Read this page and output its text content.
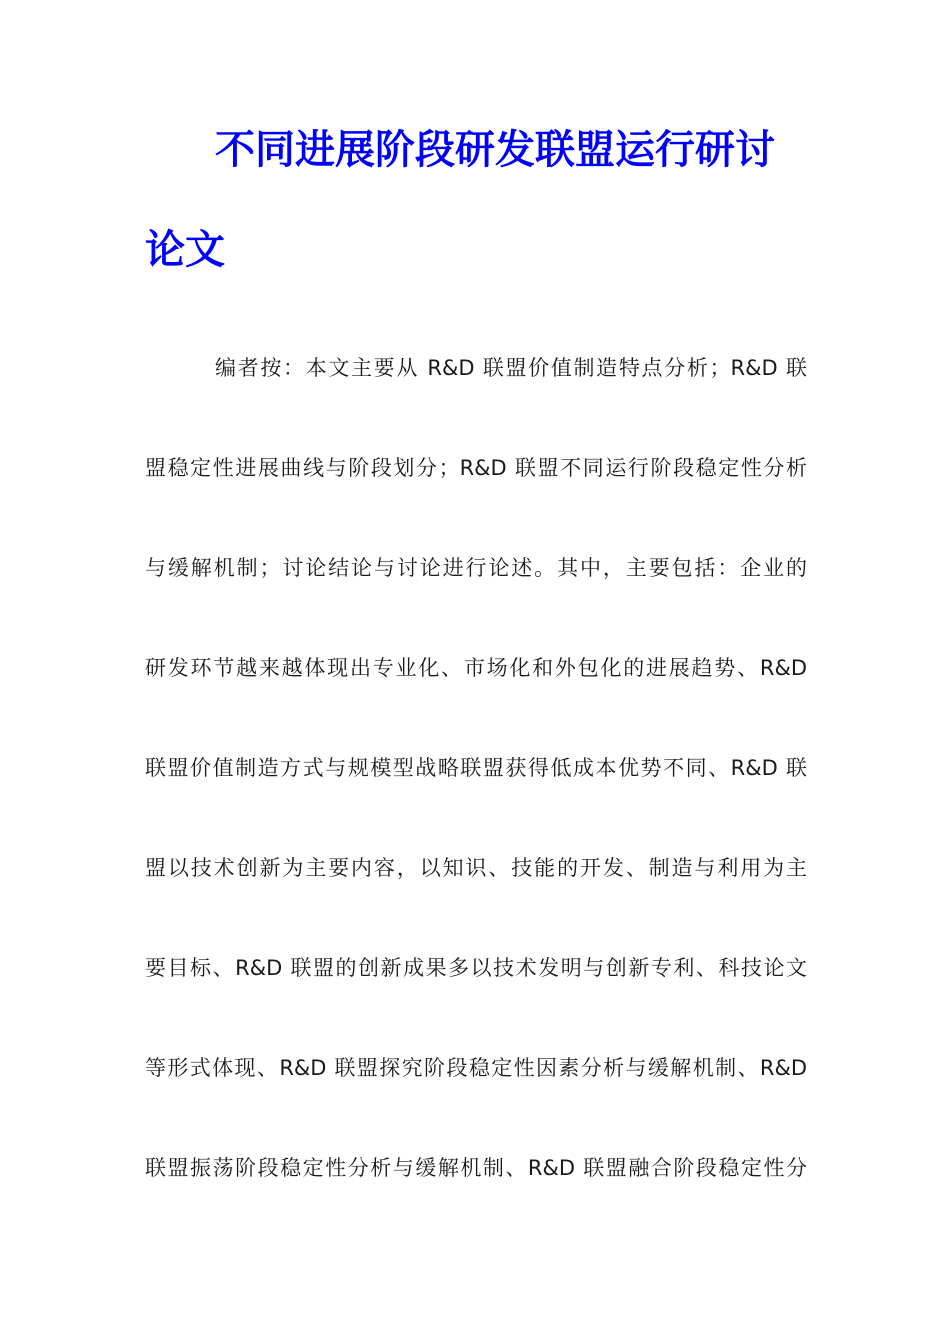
不同进展阶段研发联盟运行研讨
论文
编者按：本文主要从 R&D 联盟价值制造特点分析；R&D 联
盟稳定性进展曲线与阶段划分；R&D 联盟不同运行阶段稳定性分析
与缓解机制；讨论结论与讨论进行论述。其中，主要包括：企业的
研发环节越来越体现出专业化、市场化和外包化的进展趋势、R&D
联盟价值制造方式与规模型战略联盟获得低成本优势不同、R&D 联
盟以技术创新为主要内容，以知识、技能的开发、制造与利用为主
要目标、R&D 联盟的创新成果多以技术发明与创新专利、科技论文
等形式体现、R&D 联盟探究阶段稳定性因素分析与缓解机制、R&D
联盟振荡阶段稳定性分析与缓解机制、R&D 联盟融合阶段稳定性分
